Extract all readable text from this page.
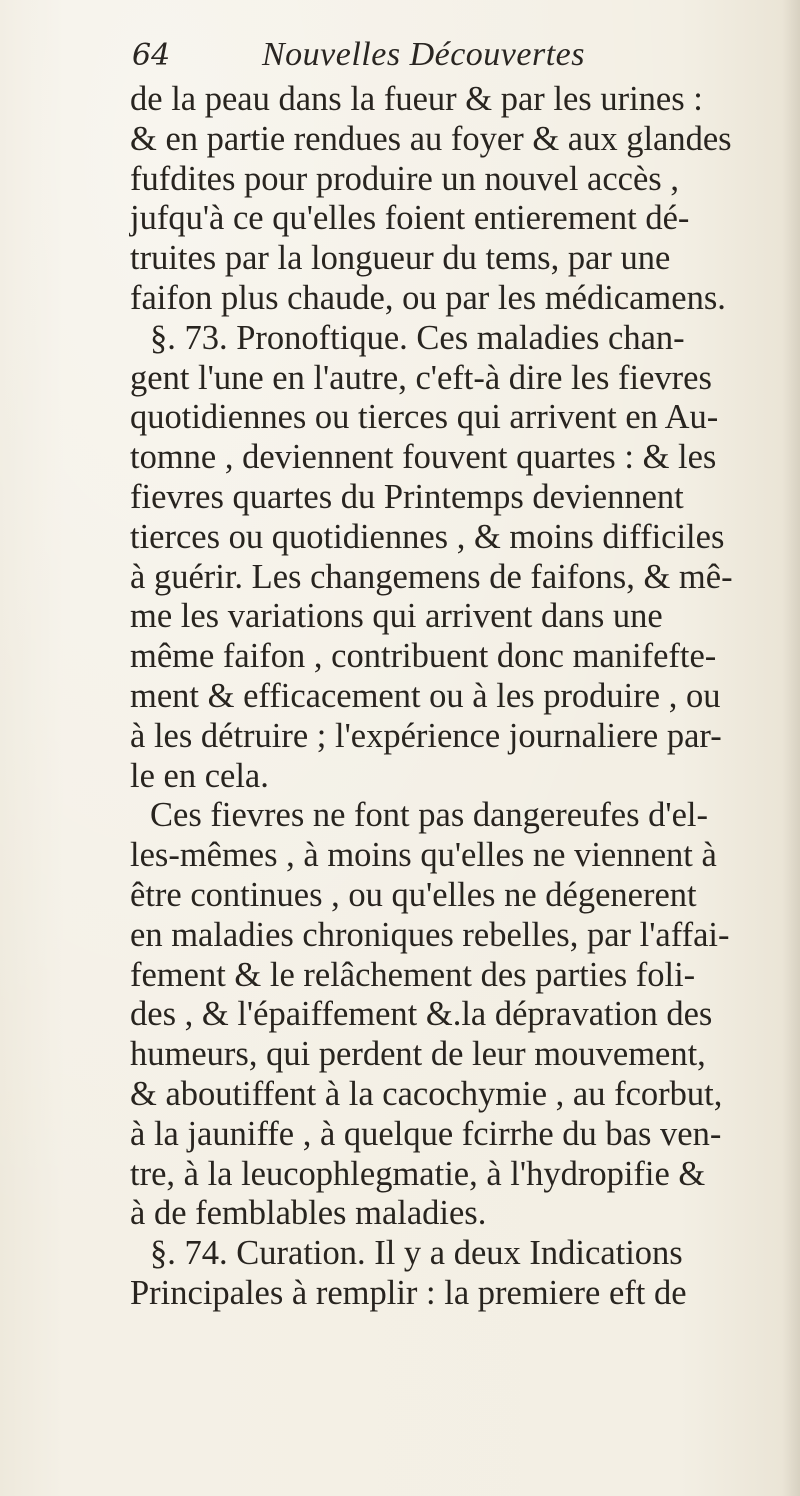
64	Nouvelles Découvertes
de la peau dans la fueur & par les urines :
& en partie rendues au foyer & aux glandes
fufdites pour produire un nouvel accès ,
jufqu'à ce qu'elles foient entierement dé-
truites par la longueur du tems, par une
faifon plus chaude, ou par les médicamens.
§. 73. Pronoftique. Ces maladies chan-
gent l'une en l'autre, c'eft-à dire les fievres
quotidiennes ou tierces qui arrivent en Au-
tomne , deviennent fouvent quartes : & les
fievres quartes du Printemps deviennent
tierces ou quotidiennes , & moins difficiles
à guérir. Les changemens de faifons, & mê-
me les variations qui arrivent dans une
même faifon , contribuent donc manifefte-
ment & efficacement ou à les produire , ou
à les détruire ; l'expérience journaliere par-
le en cela.
Ces fievres ne font pas dangereufes d'el-
les-mêmes , à moins qu'elles ne viennent à
être continues , ou qu'elles ne dégenerent
en maladies chroniques rebelles, par l'affai-
fement & le relâchement des parties foli-
des , & l'épaiffement &.la dépravation des
humeurs, qui perdent de leur mouvement,
& aboutiffent à la cacochymie , au fcorbut,
à la jauniffe , à quelque fcirrhe du bas ven-
tre, à la leucophlegmatie, à l'hydropifie &
à de femblables maladies.
§. 74. Curation. Il y a deux Indications
Principales à remplir : la premiere eft de
